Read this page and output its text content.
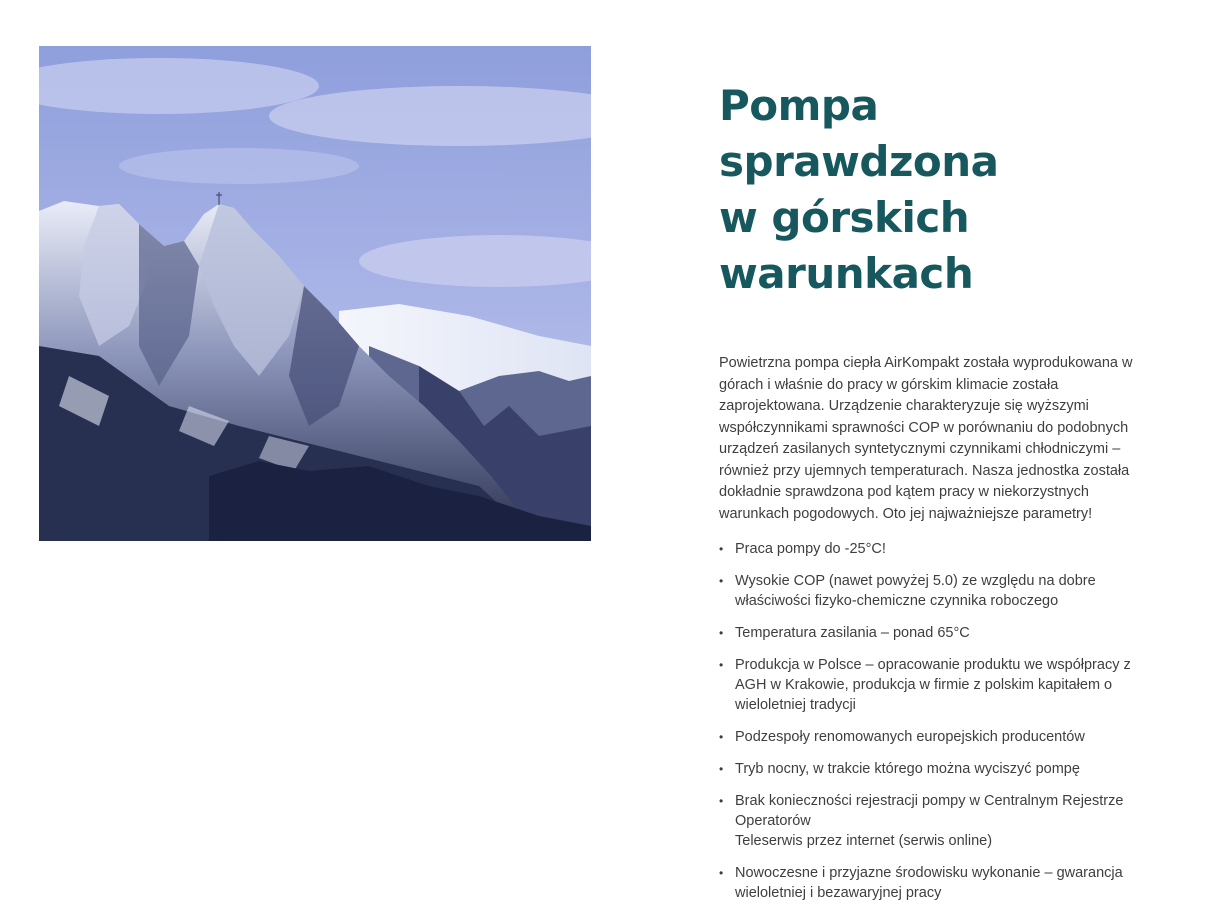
Pompa sprawdzona
w górskich
warunkach

Powietrzna pompa ciepła AirKompakt została wyprodukowana w górach i właśnie do pracy w górskim klimacie została zaprojektowana. Urządzenie charakteryzuje się wyższymi współczynnikami sprawności COP w porównaniu do podobnych urządzeń zasilanych syntetycznymi czynnikami chłodniczymi – również przy ujemnych temperaturach. Nasza jednostka została dokładnie sprawdzona pod kątem pracy w niekorzystnych warunkach pogodowych. Oto jej najważniejsze parametry!

• Praca pompy do -25°C!
• Wysokie COP (nawet powyżej 5.0) ze względu na dobre właściwości fizyko-chemiczne czynnika roboczego
• Temperatura zasilania – ponad 65°C
• Produkcja w Polsce – opracowanie produktu we współpracy z AGH w Krakowie, produkcja w firmie z polskim kapitałem o wieloletniej tradycji
• Podzespoły renomowanych europejskich producentów
• Tryb nocny, w trakcie którego można wyciszyć pompę
• Brak konieczności rejestracji pompy w Centralnym Rejestrze Operatorów
Teleserwis przez internet (serwis online)
• Nowoczesne i przyjazne środowisku wykonanie – gwarancja wieloletniej i bezawaryjnej pracy
